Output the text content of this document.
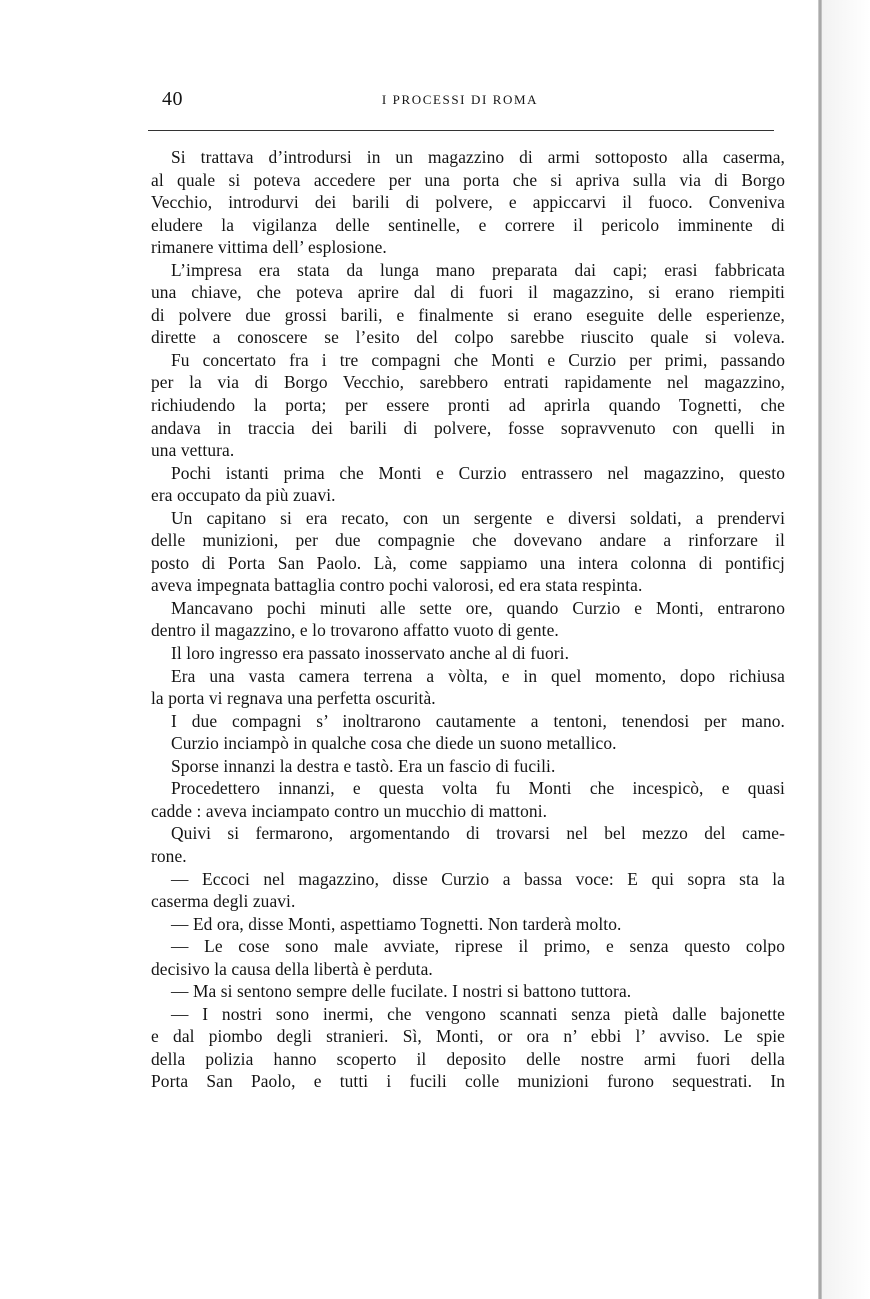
40	I PROCESSI DI ROMA
Si trattava d’introdursi in un magazzino di armi sottoposto alla caserma,
al quale si poteva accedere per una porta che si apriva sulla via di Borgo
Vecchio, introdurvi dei barili di polvere, e appiccarvi il fuoco. Conveniva
eludere la vigilanza delle sentinelle, e correre il pericolo imminente di
rimanere vittima dell’ esplosione.
L’impresa era stata da lunga mano preparata dai capi; erasi fabbricata
una chiave, che poteva aprire dal di fuori il magazzino, si erano riempiti
di polvere due grossi barili, e finalmente si erano eseguite delle esperienze,
dirette a conoscere se l’esito del colpo sarebbe riuscito quale si voleva.
Fu concertato fra i tre compagni che Monti e Curzio per primi, passando
per la via di Borgo Vecchio, sarebbero entrati rapidamente nel magazzino,
richiudendo la porta; per essere pronti ad aprirla quando Tognetti, che
andava in traccia dei barili di polvere, fosse sopravvenuto con quelli in
una vettura.
Pochi istanti prima che Monti e Curzio entrassero nel magazzino, questo
era occupato da più zuavi.
Un capitano si era recato, con un sergente e diversi soldati, a prendervi
delle munizioni, per due compagnie che dovevano andare a rinforzare il
posto di Porta San Paolo. Là, come sappiamo una intera colonna di pontificj
aveva impegnata battaglia contro pochi valorosi, ed era stata respinta.
Mancavano pochi minuti alle sette ore, quando Curzio e Monti, entrarono
dentro il magazzino, e lo trovarono affatto vuoto di gente.
Il loro ingresso era passato inosservato anche al di fuori.
Era una vasta camera terrena a vòlta, e in quel momento, dopo richiusa
la porta vi regnava una perfetta oscurità.
I due compagni s’ inoltrarono cautamente a tentoni, tenendosi per mano.
Curzio inciampò in qualche cosa che diede un suono metallico.
Sporse innanzi la destra e tastò. Era un fascio di fucili.
Procedettero innanzi, e questa volta fu Monti che incespicò, e quasi
cadde : aveva inciampato contro un mucchio di mattoni.
Quivi si fermarono, argomentando di trovarsi nel bel mezzo del came-
rone.
— Eccoci nel magazzino, disse Curzio a bassa voce: E qui sopra sta la
caserma degli zuavi.
— Ed ora, disse Monti, aspettiamo Tognetti. Non tarderà molto.
— Le cose sono male avviate, riprese il primo, e senza questo colpo
decisivo la causa della libertà è perduta.
— Ma si sentono sempre delle fucilate. I nostri si battono tuttora.
— I nostri sono inermi, che vengono scannati senza pietà dalle bajonette
e dal piombo degli stranieri. Sì, Monti, or ora n’ ebbi l’ avviso. Le spie
della polizia hanno scoperto il deposito delle nostre armi fuori della
Porta San Paolo, e tutti i fucili colle munizioni furono sequestrati. In
